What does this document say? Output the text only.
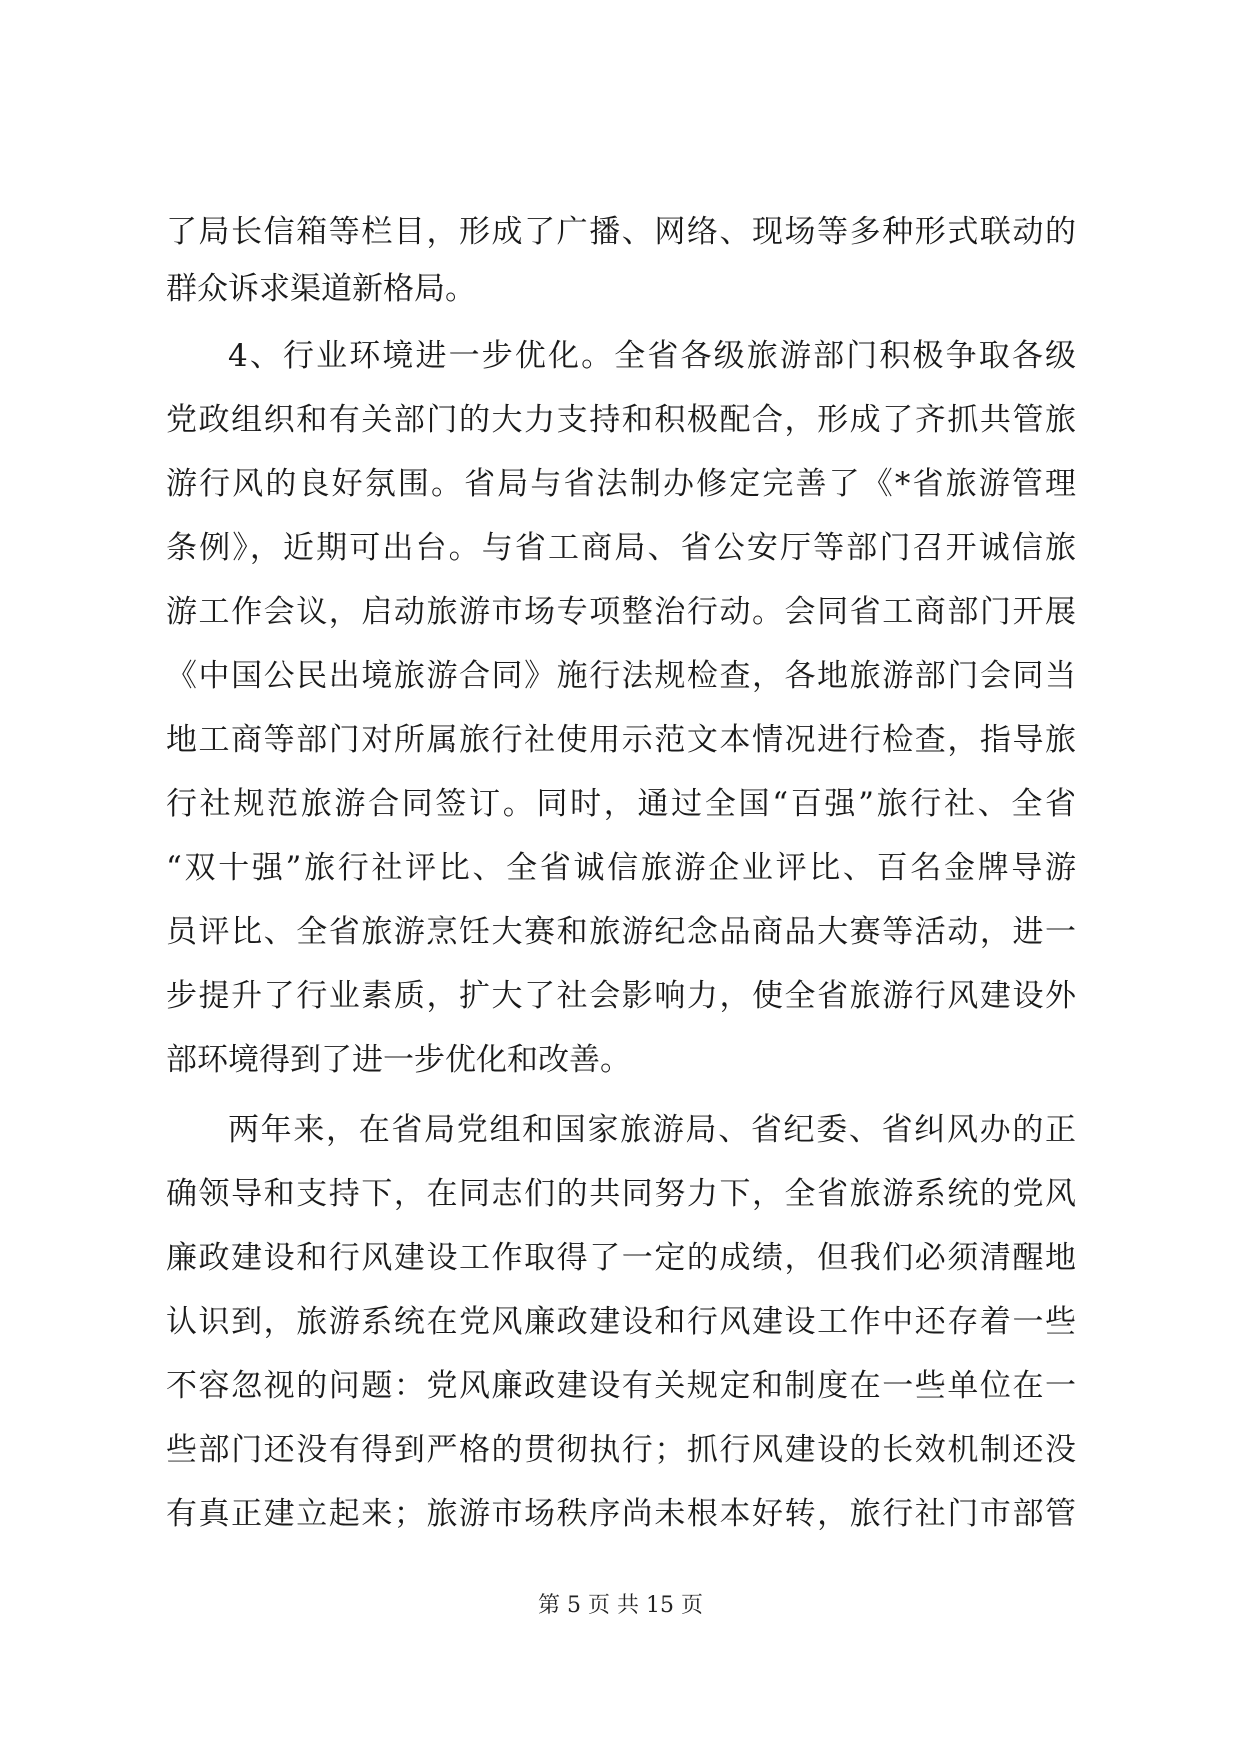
了局长信箱等栏目，形成了广播、网络、现场等多种形式联动的
群众诉求渠道新格局。
4、行业环境进一步优化。全省各级旅游部门积极争取各级
党政组织和有关部门的大力支持和积极配合，形成了齐抓共管旅
游行风的良好氛围。省局与省法制办修定完善了《*省旅游管理
条例》，近期可出台。与省工商局、省公安厅等部门召开诚信旅
游工作会议，启动旅游市场专项整治行动。会同省工商部门开展
《中国公民出境旅游合同》施行法规检查，各地旅游部门会同当
地工商等部门对所属旅行社使用示范文本情况进行检查，指导旅
行社规范旅游合同签订。同时，通过全国“百强”旅行社、全省
“双十强”旅行社评比、全省诚信旅游企业评比、百名金牌导游
员评比、全省旅游烹饪大赛和旅游纪念品商品大赛等活动，进一
步提升了行业素质，扩大了社会影响力，使全省旅游行风建设外
部环境得到了进一步优化和改善。
两年来，在省局党组和国家旅游局、省纪委、省纠风办的正
确领导和支持下，在同志们的共同努力下，全省旅游系统的党风
廉政建设和行风建设工作取得了一定的成绩，但我们必须清醒地
认识到，旅游系统在党风廉政建设和行风建设工作中还存着一些
不容忽视的问题：党风廉政建设有关规定和制度在一些单位在一
些部门还没有得到严格的贯彻执行；抓行风建设的长效机制还没
有真正建立起来；旅游市场秩序尚未根本好转，旅行社门市部管
第 5 页 共 15 页
